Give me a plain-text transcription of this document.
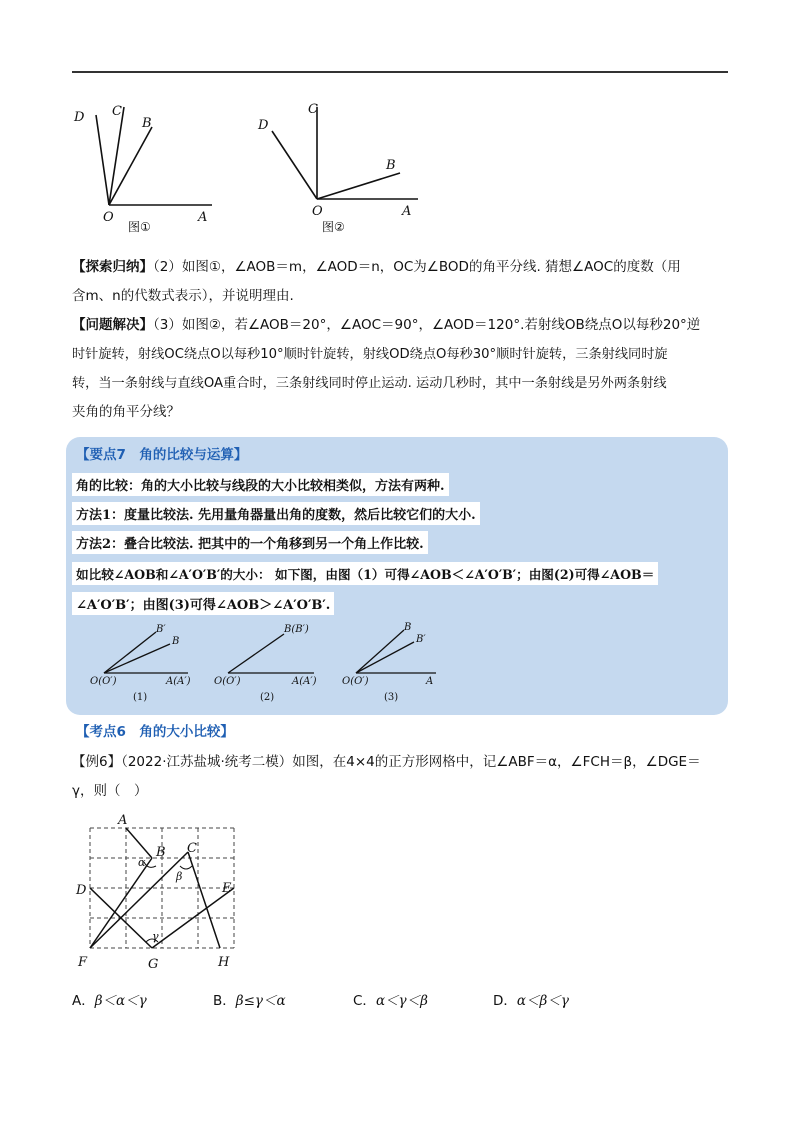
D C
B
O	A
图①
C
D
B
O	A
图②
【探索归纳】（2）如图①，∠AOB＝m，∠AOD＝n，OC为∠BOD的角平分线. 猜想∠AOC的度数（用
含m、n的代数式表示），并说明理由.
【问题解决】（3）如图②，若∠AOB＝20°，∠AOC＝90°，∠AOD＝120°.若射线OB绕点O以每秒20°逆
时针旋转，射线OC绕点O以每秒10°顺时针旋转，射线OD绕点O每秒30°顺时针旋转，三条射线同时旋
转，当一条射线与直线OA重合时，三条射线同时停止运动. 运动几秒时，其中一条射线是另外两条射线
夹角的角平分线？
【要点7　角的比较与运算】
角的比较：角的大小比较与线段的大小比较相类似，方法有两种.
方法1：度量比较法. 先用量角器量出角的度数，然后比较它们的大小.
方法2：叠合比较法. 把其中的一个角移到另一个角上作比较.
如比较∠AOB和∠A′O′B′的大小： 如下图，由图（1）可得∠AOB＜∠A′O′B′；由图(2)可得∠AOB＝
∠A′O′B′；由图(3)可得∠AOB＞∠A′O′B′.
B′
B
O(O′)	A(A′)
(1)
B(B′)
O(O′)	A(A′)
(2)
B
B′
O(O′)	A
(3)
【考点6　角的大小比较】
【例6】（2022·江苏盐城·统考二模）如图，在4×4的正方形网格中，记∠ABF＝α，∠FCH＝β，∠DGE＝
γ，则（　）
A
B C
D	E
F	G	H
α
β
γ
A．β＜α＜γ	B．β≤γ＜α	C．α＜γ＜β	D．α＜β＜γ
